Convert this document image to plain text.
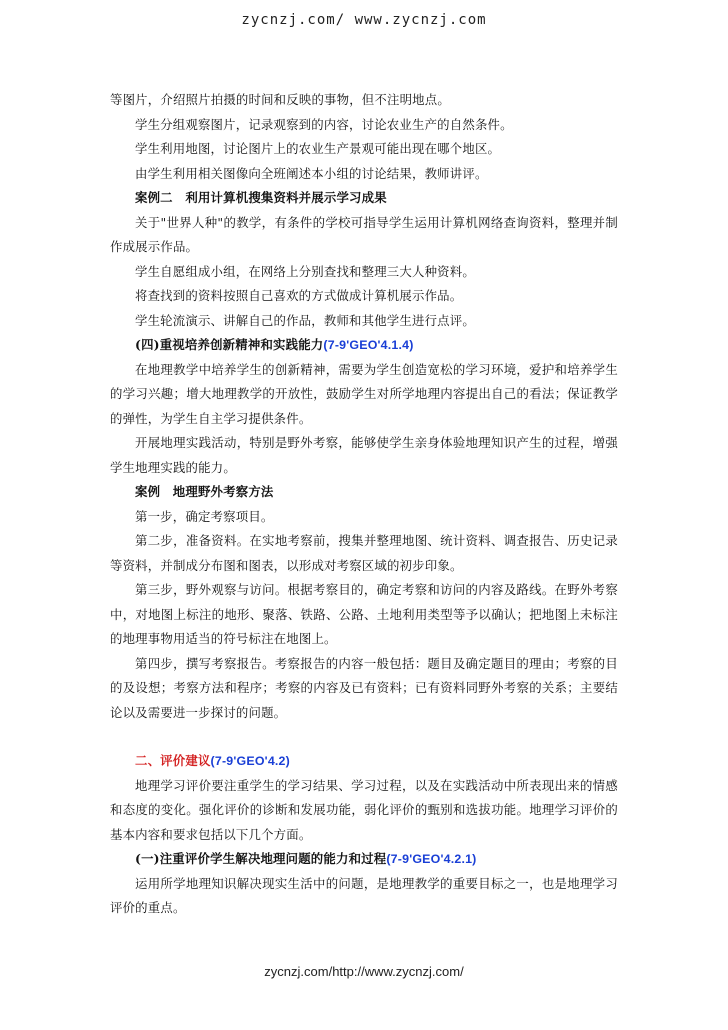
zycnzj.com/ www.zycnzj.com

等图片，介绍照片拍摄的时间和反映的事物，但不注明地点。

学生分组观察图片，记录观察到的内容，讨论农业生产的自然条件。

学生利用地图，讨论图片上的农业生产景观可能出现在哪个地区。

由学生利用相关图像向全班阐述本小组的讨论结果，教师讲评。

案例二　利用计算机搜集资料并展示学习成果

关于"世界人种"的教学，有条件的学校可指导学生运用计算机网络查询资料，整理并制作成展示作品。

学生自愿组成小组，在网络上分别查找和整理三大人种资料。

将查找到的资料按照自己喜欢的方式做成计算机展示作品。

学生轮流演示、讲解自己的作品，教师和其他学生进行点评。

(四)重视培养创新精神和实践能力(7-9'GEO'4.1.4)

在地理教学中培养学生的创新精神，需要为学生创造宽松的学习环境，爱护和培养学生的学习兴趣；增大地理教学的开放性，鼓励学生对所学地理内容提出自己的看法；保证教学的弹性，为学生自主学习提供条件。

开展地理实践活动，特别是野外考察，能够使学生亲身体验地理知识产生的过程，增强学生地理实践的能力。

案例　地理野外考察方法

第一步，确定考察项目。

第二步，准备资料。在实地考察前，搜集并整理地图、统计资料、调查报告、历史记录等资料，并制成分布图和图表，以形成对考察区域的初步印象。

第三步，野外观察与访问。根据考察目的，确定考察和访问的内容及路线。在野外考察中，对地图上标注的地形、聚落、铁路、公路、土地利用类型等予以确认；把地图上未标注的地理事物用适当的符号标注在地图上。

第四步，撰写考察报告。考察报告的内容一般包括：题目及确定题目的理由；考察的目的及设想；考察方法和程序；考察的内容及已有资料；已有资料同野外考察的关系；主要结论以及需要进一步探讨的问题。

二、评价建议(7-9'GEO'4.2)

地理学习评价要注重学生的学习结果、学习过程，以及在实践活动中所表现出来的情感和态度的变化。强化评价的诊断和发展功能，弱化评价的甄别和选拔功能。地理学习评价的基本内容和要求包括以下几个方面。

(一)注重评价学生解决地理问题的能力和过程(7-9'GEO'4.2.1)

运用所学地理知识解决现实生活中的问题，是地理教学的重要目标之一，也是地理学习评价的重点。

zycnzj.com/http://www.zycnzj.com/
